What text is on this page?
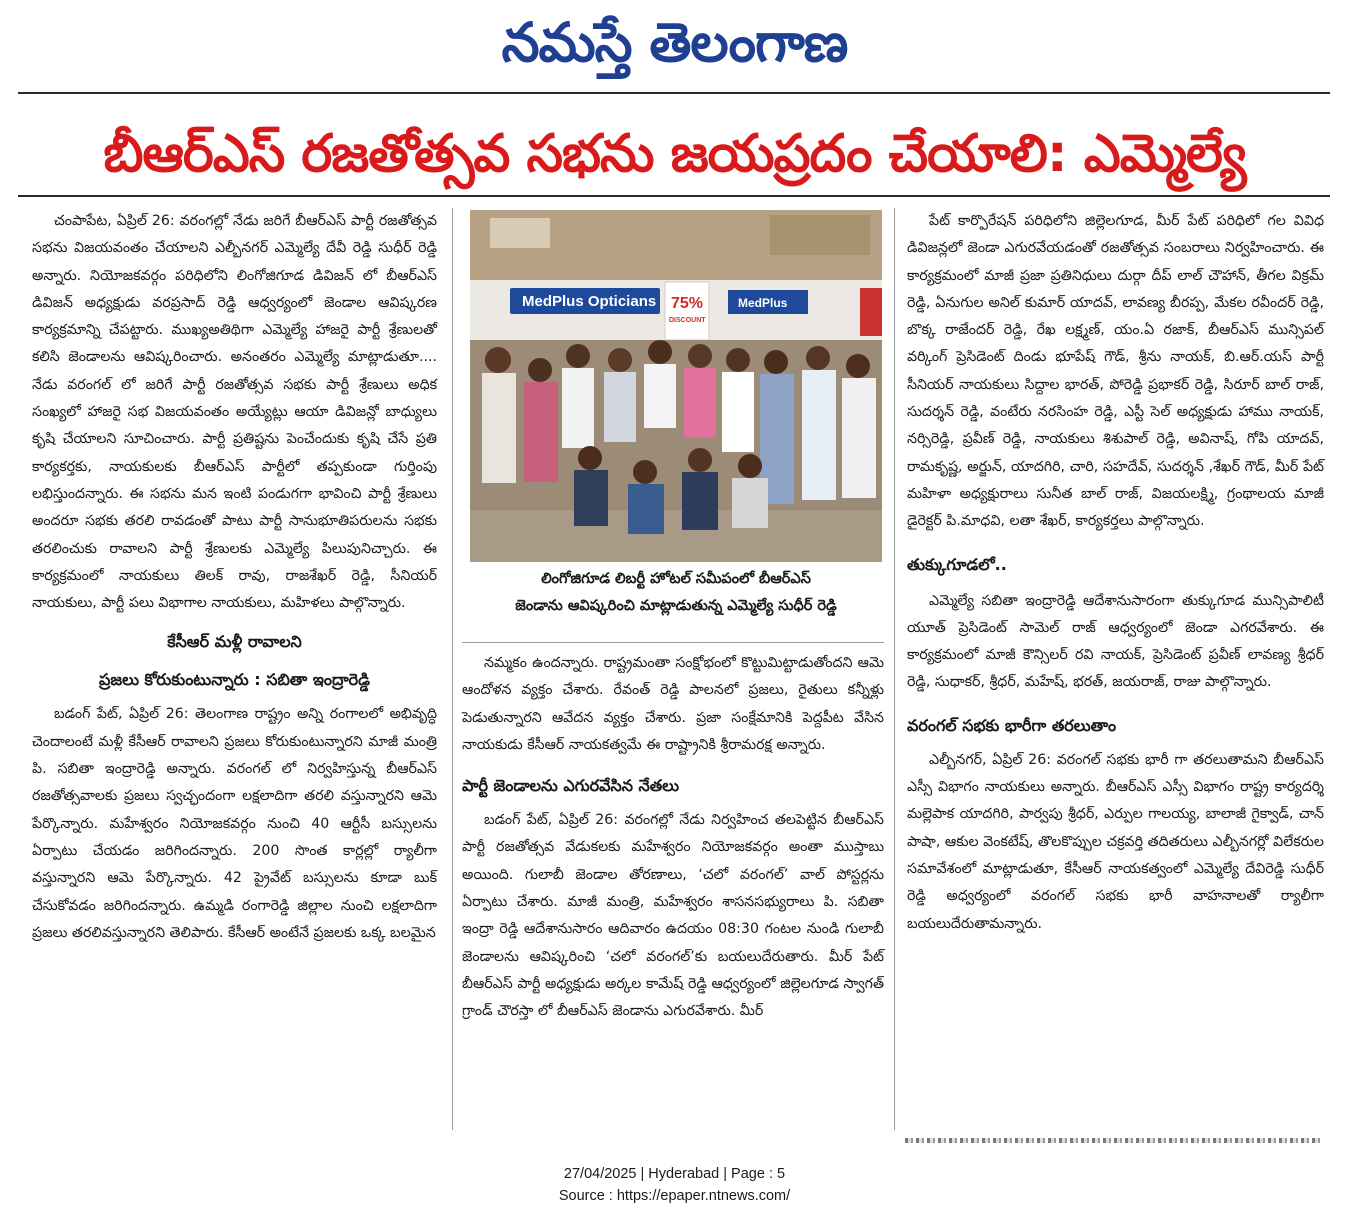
నమస్తే తెలంగాణ
బీఆర్ఎస్ రజతోత్సవ సభను జయప్రదం చేయాలి: ఎమ్మెల్యే

చంపాపేట, ఏప్రిల్ 26: వరంగల్లో నేడు జరిగే బీఆర్ఎస్ పార్టీ రజతోత్సవ సభను విజయవంతం చేయాలని ఎల్బీనగర్ ఎమ్మెల్యే దేవీ రెడ్డి సుధీర్ రెడ్డి అన్నారు. నియోజకవర్గం పరిధిలోని లింగోజిగూడ డివిజన్ లో బీఆర్ఎస్ డివిజన్ అధ్యక్షుడు వరప్రసాద్ రెడ్డి ఆధ్వర్యంలో జెండాల ఆవిష్కరణ కార్యక్రమాన్ని చేపట్టారు. ముఖ్యఅతిథిగా ఎమ్మెల్యే హాజరై పార్టీ శ్రేణులతో కలిసి జెండాలను ఆవిష్కరించారు. అనంతరం ఎమ్మెల్యే మాట్లాడుతూ.... నేడు వరంగల్ లో జరిగే పార్టీ రజతోత్సవ సభకు పార్టీ శ్రేణులు అధిక సంఖ్యలో హాజరై సభ విజయవంతం అయ్యేట్లు ఆయా డివిజన్లో బాధ్యులు కృషి చేయాలని సూచించారు. పార్టీ ప్రతిష్టను పెంచేందుకు కృషి చేసే ప్రతి కార్యకర్తకు, నాయకులకు బీఆర్ఎస్ పార్టీలో తప్పకుండా గుర్తింపు లభిస్తుందన్నారు. ఈ సభను మన ఇంటి పండుగగా భావించి పార్టీ శ్రేణులు అందరూ సభకు తరలి రావడంతో పాటు పార్టీ సానుభూతిపరులను సభకు తరలించుకు రావాలని పార్టీ శ్రేణులకు ఎమ్మెల్యే పిలుపునిచ్చారు. ఈ కార్యక్రమంలో నాయకులు తిలక్ రావు, రాజశేఖర్ రెడ్డి, సీనియర్ నాయకులు, పార్టీ పలు విభాగాల నాయకులు, మహిళలు పాల్గొన్నారు.

కేసీఆర్ మళ్లీ రావాలని
ప్రజలు కోరుకుంటున్నారు : సబితా ఇంద్రారెడ్డి

బడంగ్ పేట్, ఏప్రిల్ 26: తెలంగాణ రాష్ట్రం అన్ని రంగాలలో అభివృద్ధి చెందాలంటే మళ్లీ కేసీఆర్ రావాలని ప్రజలు కోరుకుంటున్నారని మాజీ మంత్రి పి. సబితా ఇంద్రారెడ్డి అన్నారు. వరంగల్ లో నిర్వహిస్తున్న బీఆర్ఎస్ రజతోత్సవాలకు ప్రజలు స్వచ్ఛందంగా లక్షలాదిగా తరలి వస్తున్నారని ఆమె పేర్కొన్నారు. మహేశ్వరం నియోజకవర్గం నుంచి 40 ఆర్టీసీ బస్సులను ఏర్పాటు చేయడం జరిగిందన్నారు. 200 సొంత కార్లల్లో ర్యాలీగా వస్తున్నారని ఆమె పేర్కొన్నారు. 42 ప్రైవేట్ బస్సులను కూడా బుక్ చేసుకోవడం జరిగిందన్నారు. ఉమ్మడి రంగారెడ్డి జిల్లాల నుంచి లక్షలాదిగా ప్రజలు తరలివస్తున్నారని తెలిపారు. కేసీఆర్ అంటేనే ప్రజలకు ఒక్క బలమైన

MedPlus Opticians 75%
DISCOUNT
MedPlus
లింగోజిగూడ లిబర్టీ హోటల్ సమీపంలో బీఆర్ఎస్
జెండాను ఆవిష్కరించి మాట్లాడుతున్న ఎమ్మెల్యే సుధీర్ రెడ్డి

నమ్మకం ఉందన్నారు. రాష్ట్రమంతా సంక్షోభంలో కొట్టుమిట్టాడుతోందని ఆమె ఆందోళన వ్యక్తం చేశారు. రేవంత్ రెడ్డి పాలనలో ప్రజలు, రైతులు కన్నీళ్లు పెడుతున్నారని ఆవేదన వ్యక్తం చేశారు. ప్రజా సంక్షేమానికి పెద్దపీట వేసిన నాయకుడు కేసీఆర్ నాయకత్వమే ఈ రాష్ట్రానికి శ్రీరామరక్ష అన్నారు.

పార్టీ జెండాలను ఎగురవేసిన నేతలు

బడంగ్ పేట్, ఏప్రిల్ 26: వరంగల్లో నేడు నిర్వహించ తలపెట్టిన బీఆర్ఎస్ పార్టీ రజతోత్సవ వేడుకలకు మహేశ్వరం నియోజకవర్గం అంతా ముస్తాబు అయింది. గులాబీ జెండాల తోరణాలు, ‘చలో వరంగల్’ వాల్ పోస్టర్లను ఏర్పాటు చేశారు. మాజీ మంత్రి, మహేశ్వరం శాసనసభ్యురాలు పి. సబితా ఇంద్రా రెడ్డి ఆదేశానుసారం ఆదివారం ఉదయం 08:30 గంటల నుండి గులాబీ జెండాలను ఆవిష్కరించి ‘చలో వరంగల్’కు బయలుదేరుతారు. మీర్ పేట్ బీఆర్ఎస్ పార్టీ అధ్యక్షుడు అర్కల కామేష్ రెడ్డి ఆధ్వర్యంలో జిల్లెలగూడ స్వాగత్ గ్రాండ్ చౌరస్తా లో బీఆర్ఎస్ జెండాను ఎగురవేశారు. మీర్

పేట్ కార్పొరేషన్ పరిధిలోని జిల్లెలగూడ, మీర్ పేట్ పరిధిలో గల వివిధ డివిజన్లలో జెండా ఎగురవేయడంతో రజతోత్సవ సంబరాలు నిర్వహించారు. ఈ కార్యక్రమంలో మాజీ ప్రజా ప్రతినిధులు దుర్గా దీప్ లాల్ చౌహాన్, తీగల విక్రమ్ రెడ్డి, ఏనుగుల అనిల్ కుమార్ యాదవ్, లావణ్య బీరప్ప, మేకల రవీందర్ రెడ్డి, బొక్క రాజేందర్ రెడ్డి, రేఖ లక్ష్మణ్, యం.ఏ రజాక్, బీఆర్ఎస్ మున్సిపల్ వర్కింగ్ ప్రెసిడెంట్ దిండు భూపేష్ గౌడ్, శ్రీను నాయక్, బి.ఆర్.యస్ పార్టీ సీనియర్ నాయకులు సిద్దాల భారత్, పోరెడ్డి ప్రభాకర్ రెడ్డి, సిరూర్ బాల్ రాజ్, సుదర్శన్ రెడ్డి, వంటేరు నరసింహ రెడ్డి, ఎస్టీ సెల్ అధ్యక్షుడు హాము నాయక్, నర్సిరెడ్డి, ప్రవీణ్ రెడ్డి, నాయకులు శిశుపాల్ రెడ్డి, అవినాష్, గోపి యాదవ్, రామకృష్ణ, అర్జున్, యాదగిరి, చారి, సహదేవ్, సుదర్శన్ ,శేఖర్ గౌడ్, మీర్ పేట్ మహిళా అధ్యక్షురాలు సునీత బాల్ రాజ్, విజయలక్ష్మి, గ్రంథాలయ మాజీ డైరెక్టర్ పి.మాధవి, లతా శేఖర్, కార్యకర్తలు పాల్గొన్నారు.

తుక్కుగూడలో..

ఎమ్మెల్యే సబితా ఇంద్రారెడ్డి ఆదేశానుసారంగా తుక్కుగూడ మున్సిపాలిటీ యూత్ ప్రెసిడెంట్ సామెల్ రాజ్ ఆధ్వర్యంలో జెండా ఎగరవేశారు. ఈ కార్యక్రమంలో మాజీ కౌన్సిలర్ రవి నాయక్, ప్రెసిడెంట్ ప్రవీణ్ లావణ్య శ్రీధర్ రెడ్డి, సుధాకర్, శ్రీధర్, మహేష్, భరత్, జయరాజ్, రాజు పాల్గొన్నారు.

వరంగల్ సభకు భారీగా తరలుతాం

ఎల్బీనగర్, ఏప్రిల్ 26: వరంగల్ సభకు భారీ గా తరలుతామని బీఆర్ఎస్ ఎస్సీ విభాగం నాయకులు అన్నారు. బీఆర్ఎస్ ఎస్సీ విభాగం రాష్ట్ర కార్యదర్శి మల్లెపాక యాదగిరి, పార్వపు శ్రీధర్, ఎర్పుల గాలయ్య, బాలాజీ గైక్వాడ్, చాన్ పాషా, ఆకుల వెంకటేష్, తొలకొప్పుల చక్రవర్తి తదితరులు ఎల్బీనగర్లో విలేకరుల సమావేశంలో మాట్లాడుతూ, కేసీఆర్ నాయకత్వంలో ఎమ్మెల్యే దేవిరెడ్డి సుధీర్ రెడ్డి అధ్వర్యంలో వరంగల్ సభకు భారీ వాహనాలతో ర్యాలీగా బయలుదేరుతామన్నారు.

27/04/2025 | Hyderabad | Page : 5
Source : https://epaper.ntnews.com/
